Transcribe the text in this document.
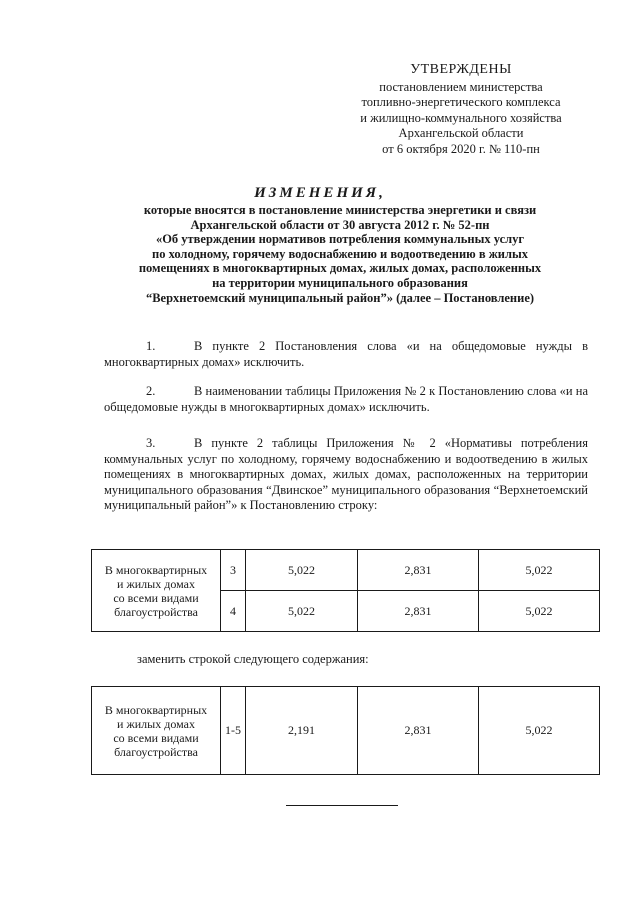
УТВЕРЖДЕНЫ
постановлением министерства
топливно-энергетического комплекса
и жилищно-коммунального хозяйства
Архангельской области
от 6 октября 2020 г. № 110-пн
ИЗМЕНЕНИЯ,
которые вносятся в постановление министерства энергетики и связи
Архангельской области от 30 августа 2012 г. № 52-пн
«Об утверждении нормативов потребления коммунальных услуг
по холодному, горячему водоснабжению и водоотведению в жилых
помещениях в многоквартирных домах, жилых домах, расположенных
на территории муниципального образования
“Верхнетоемский муниципальный район”» (далее – Постановление)
1.	В пункте 2 Постановления слова «и на общедомовые нужды в многоквартирных домах» исключить.
2.	В наименовании таблицы Приложения № 2 к Постановлению слова «и на общедомовые нужды в многоквартирных домах» исключить.
3.	В пункте 2 таблицы Приложения № 2 «Нормативы потребления коммунальных услуг по холодному, горячему водоснабжению и водоотведению в жилых помещениях в многоквартирных домах, жилых домах, расположенных на территории муниципального образования “Двинское” муниципального образования “Верхнетоемский муниципальный район”» к Постановлению строку:
В многоквартирных
и жилых домах
со всеми видами
благоустройства	3	5,022	2,831	5,022
	4	5,022	2,831	5,022
заменить строкой следующего содержания:
В многоквартирных
и жилых домах
со всеми видами
благоустройства
	1-5	2,191	2,831	5,022
